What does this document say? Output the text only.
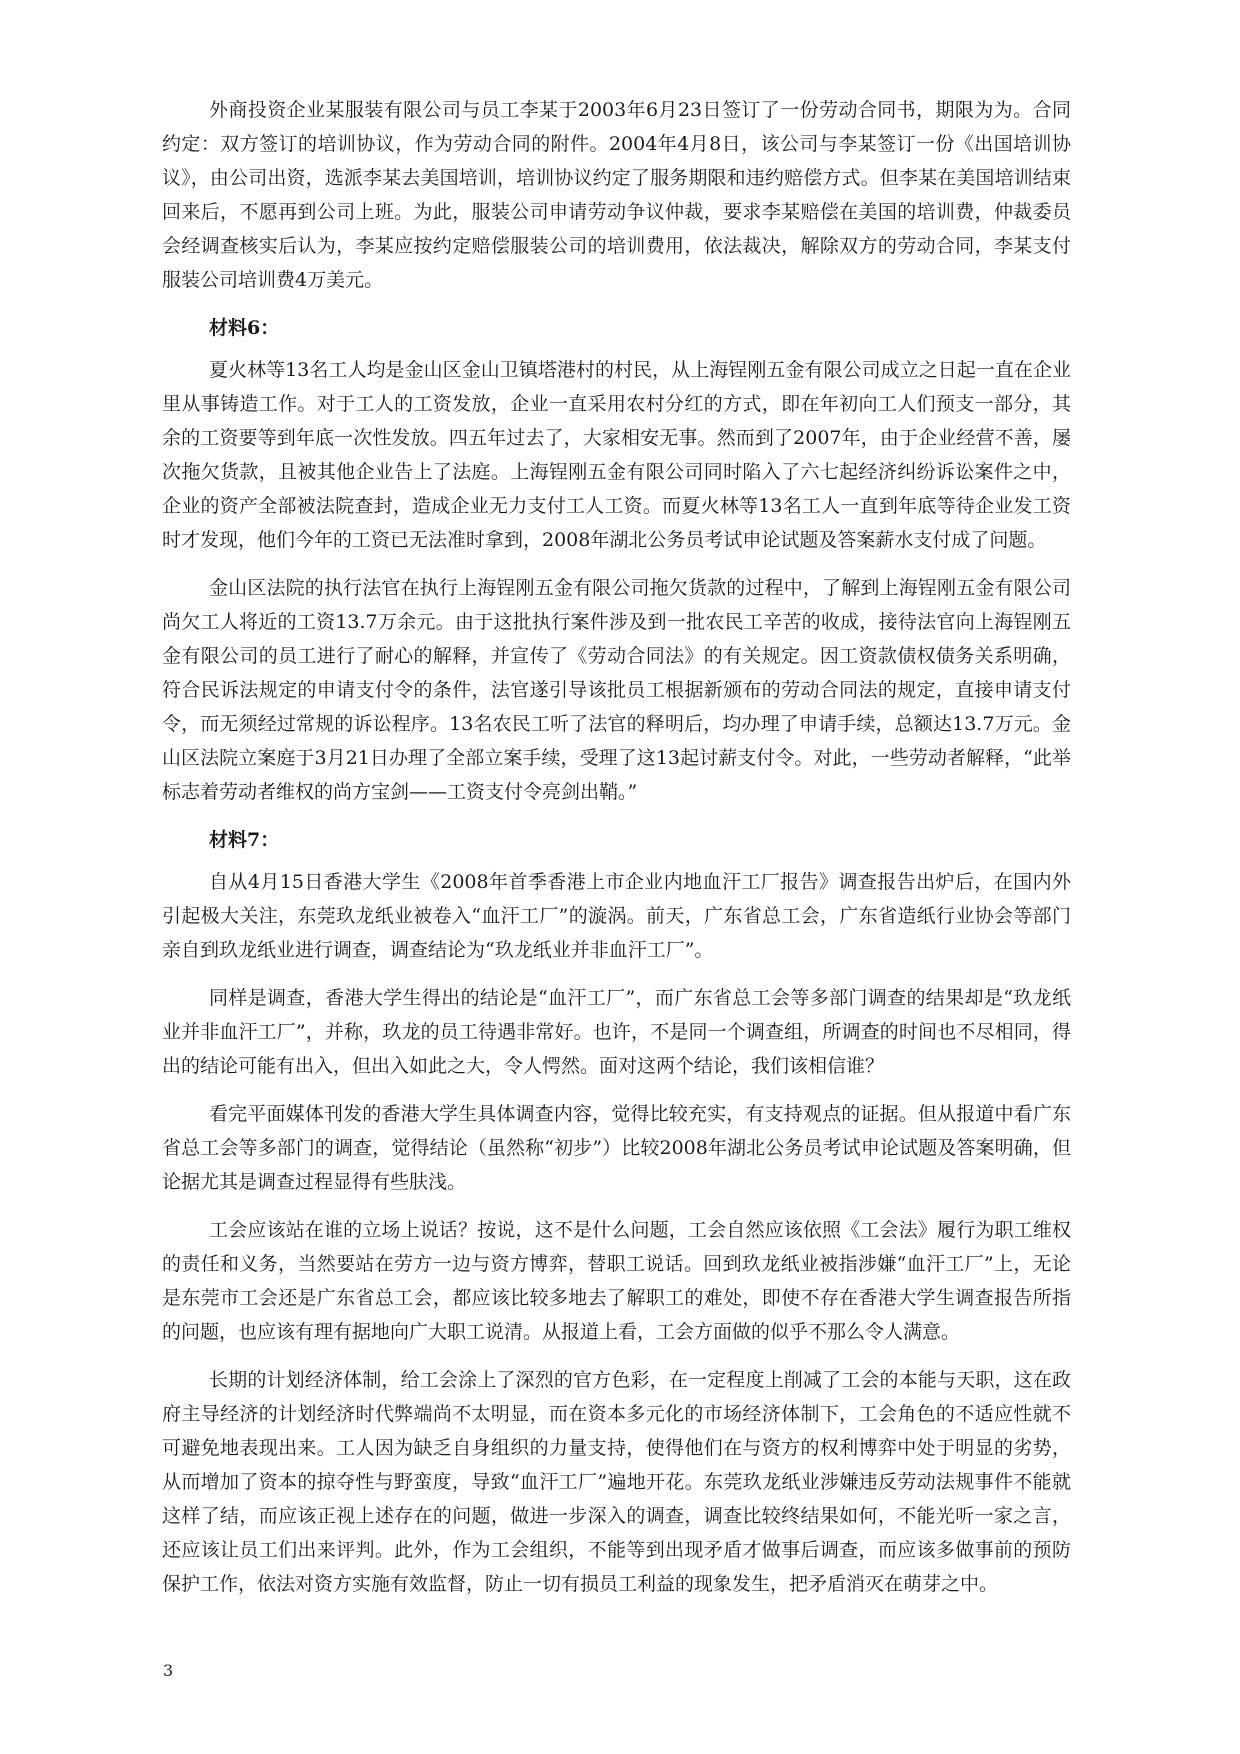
外商投资企业某服装有限公司与员工李某于2003年6月23日签订了一份劳动合同书，期限为为。合同约定：双方签订的培训协议，作为劳动合同的附件。2004年4月8日，该公司与李某签订一份《出国培训协议》，由公司出资，选派李某去美国培训，培训协议约定了服务期限和违约赔偿方式。但李某在美国培训结束回来后，不愿再到公司上班。为此，服装公司申请劳动争议仲裁，要求李某赔偿在美国的培训费，仲裁委员会经调查核实后认为，李某应按约定赔偿服装公司的培训费用，依法裁决，解除双方的劳动合同，李某支付服装公司培训费4万美元。

材料6：

夏火林等13名工人均是金山区金山卫镇塔港村的村民，从上海锃刚五金有限公司成立之日起一直在企业里从事铸造工作。对于工人的工资发放，企业一直采用农村分红的方式，即在年初向工人们预支一部分，其余的工资要等到年底一次性发放。四五年过去了，大家相安无事。然而到了2007年，由于企业经营不善，屡次拖欠货款，且被其他企业告上了法庭。上海锃刚五金有限公司同时陷入了六七起经济纠纷诉讼案件之中，企业的资产全部被法院查封，造成企业无力支付工人工资。而夏火林等13名工人一直到年底等待企业发工资时才发现，他们今年的工资已无法准时拿到，2008年湖北公务员考试申论试题及答案薪水支付成了问题。

金山区法院的执行法官在执行上海锃刚五金有限公司拖欠货款的过程中，了解到上海锃刚五金有限公司尚欠工人将近的工资13.7万余元。由于这批执行案件涉及到一批农民工辛苦的收成，接待法官向上海锃刚五金有限公司的员工进行了耐心的解释，并宣传了《劳动合同法》的有关规定。因工资款债权债务关系明确，符合民诉法规定的申请支付令的条件，法官遂引导该批员工根据新颁布的劳动合同法的规定，直接申请支付令，而无须经过常规的诉讼程序。13名农民工听了法官的释明后，均办理了申请手续，总额达13.7万元。金山区法院立案庭于3月21日办理了全部立案手续，受理了这13起讨薪支付令。对此，一些劳动者解释，“此举标志着劳动者维权的尚方宝剑——工资支付令亮剑出鞘。”

材料7：

自从4月15日香港大学生《2008年首季香港上市企业内地血汗工厂报告》调查报告出炉后，在国内外引起极大关注，东莞玖龙纸业被卷入“血汗工厂”的漩涡。前天，广东省总工会，广东省造纸行业协会等部门亲自到玖龙纸业进行调查，调查结论为“玖龙纸业并非血汗工厂”。

同样是调查，香港大学生得出的结论是“血汗工厂”，而广东省总工会等多部门调查的结果却是“玖龙纸业并非血汗工厂”，并称，玖龙的员工待遇非常好。也许，不是同一个调查组，所调查的时间也不尽相同，得出的结论可能有出入，但出入如此之大，令人愕然。面对这两个结论，我们该相信谁？

看完平面媒体刊发的香港大学生具体调查内容，觉得比较充实，有支持观点的证据。但从报道中看广东省总工会等多部门的调查，觉得结论（虽然称“初步”）比较2008年湖北公务员考试申论试题及答案明确，但论据尤其是调查过程显得有些肤浅。

工会应该站在谁的立场上说话？按说，这不是什么问题，工会自然应该依照《工会法》履行为职工维权的责任和义务，当然要站在劳方一边与资方博弈，替职工说话。回到玖龙纸业被指涉嫌“血汗工厂”上，无论是东莞市工会还是广东省总工会，都应该比较多地去了解职工的难处，即使不存在香港大学生调查报告所指的问题，也应该有理有据地向广大职工说清。从报道上看，工会方面做的似乎不那么令人满意。

长期的计划经济体制，给工会涂上了深烈的官方色彩，在一定程度上削减了工会的本能与天职，这在政府主导经济的计划经济时代弊端尚不太明显，而在资本多元化的市场经济体制下，工会角色的不适应性就不可避免地表现出来。工人因为缺乏自身组织的力量支持，使得他们在与资方的权利博弈中处于明显的劣势，从而增加了资本的掠夺性与野蛮度，导致“血汗工厂”遍地开花。东莞玖龙纸业涉嫌违反劳动法规事件不能就这样了结，而应该正视上述存在的问题，做进一步深入的调查，调查比较终结果如何，不能光听一家之言，还应该让员工们出来评判。此外，作为工会组织，不能等到出现矛盾才做事后调查，而应该多做事前的预防保护工作，依法对资方实施有效监督，防止一切有损员工利益的现象发生，把矛盾消灭在萌芽之中。

3
